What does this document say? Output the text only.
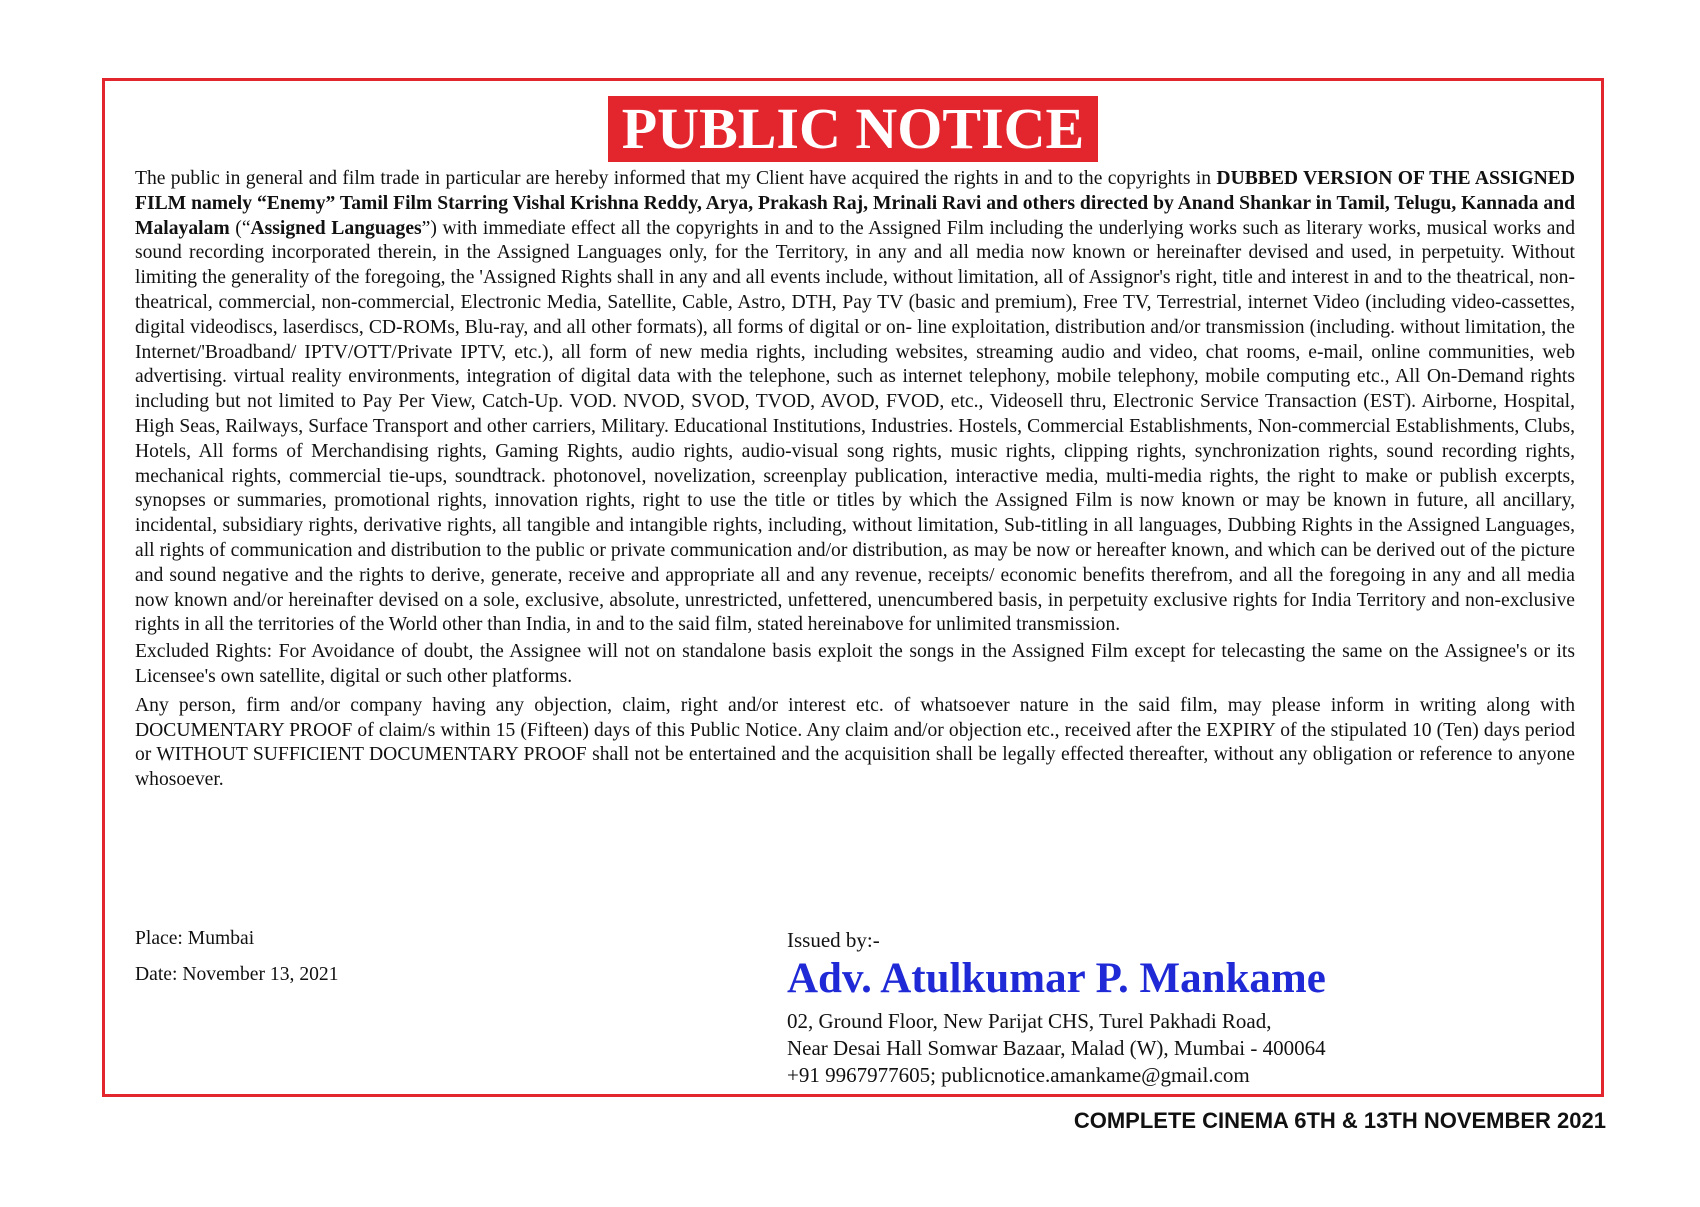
PUBLIC NOTICE

The public in general and film trade in particular are hereby informed that my Client have acquired the rights in and to the copyrights in DUBBED VERSION OF THE ASSIGNED FILM namely “Enemy” Tamil Film Starring Vishal Krishna Reddy, Arya, Prakash Raj, Mrinali Ravi and others directed by Anand Shankar in Tamil, Telugu, Kannada and Malayalam (“Assigned Languages”) with immediate effect all the copyrights in and to the Assigned Film including the underlying works such as literary works, musical works and sound recording incorporated therein, in the Assigned Languages only, for the Territory, in any and all media now known or hereinafter devised and used, in perpetuity. Without limiting the generality of the foregoing, the 'Assigned Rights shall in any and all events include, without limitation, all of Assignor's right, title and interest in and to the theatrical, non-theatrical, commercial, non-commercial, Electronic Media, Satellite, Cable, Astro, DTH, Pay TV (basic and premium), Free TV, Terrestrial, internet Video (including video-cassettes, digital videodiscs, laserdiscs, CD-ROMs, Blu-ray, and all other formats), all forms of digital or on- line exploitation, distribution and/or transmission (including. without limitation, the Internet/'Broadband/ IPTV/OTT/Private IPTV, etc.), all form of new media rights, including websites, streaming audio and video, chat rooms, e-mail, online communities, web advertising. virtual reality environments, integration of digital data with the telephone, such as internet telephony, mobile telephony, mobile computing etc., All On-Demand rights including but not limited to Pay Per View, Catch-Up. VOD. NVOD, SVOD, TVOD, AVOD, FVOD, etc., Videosell thru, Electronic Service Transaction (EST). Airborne, Hospital, High Seas, Railways, Surface Transport and other carriers, Military. Educational Institutions, Industries. Hostels, Commercial Establishments, Non-commercial Establishments, Clubs, Hotels, All forms of Merchandising rights, Gaming Rights, audio rights, audio-visual song rights, music rights, clipping rights, synchronization rights, sound recording rights, mechanical rights, commercial tie-ups, soundtrack. photonovel, novelization, screenplay publication, interactive media, multi-media rights, the right to make or publish excerpts, synopses or summaries, promotional rights, innovation rights, right to use the title or titles by which the Assigned Film is now known or may be known in future, all ancillary, incidental, subsidiary rights, derivative rights, all tangible and intangible rights, including, without limitation, Sub-titling in all languages, Dubbing Rights in the Assigned Languages, all rights of communication and distribution to the public or private communication and/or distribution, as may be now or hereafter known, and which can be derived out of the picture and sound negative and the rights to derive, generate, receive and appropriate all and any revenue, receipts/ economic benefits therefrom, and all the foregoing in any and all media now known and/or hereinafter devised on a sole, exclusive, absolute, unrestricted, unfettered, unencumbered basis, in perpetuity exclusive rights for India Territory and non-exclusive rights in all the territories of the World other than India, in and to the said film, stated hereinabove for unlimited transmission.

Excluded Rights: For Avoidance of doubt, the Assignee will not on standalone basis exploit the songs in the Assigned Film except for telecasting the same on the Assignee's or its Licensee's own satellite, digital or such other platforms.

Any person, firm and/or company having any objection, claim, right and/or interest etc. of whatsoever nature in the said film, may please inform in writing along with DOCUMENTARY PROOF of claim/s within 15 (Fifteen) days of this Public Notice. Any claim and/or objection etc., received after the EXPIRY of the stipulated 10 (Ten) days period or WITHOUT SUFFICIENT DOCUMENTARY PROOF shall not be entertained and the acquisition shall be legally effected thereafter, without any obligation or reference to anyone whosoever.

Place: Mumbai
Date: November 13, 2021
Issued by:-
Adv. Atulkumar P. Mankame
02, Ground Floor, New Parijat CHS, Turel Pakhadi Road,
Near Desai Hall Somwar Bazaar, Malad (W), Mumbai - 400064
+91 9967977605; publicnotice.amankame@gmail.com
COMPLETE CINEMA 6TH & 13TH NOVEMBER 2021
